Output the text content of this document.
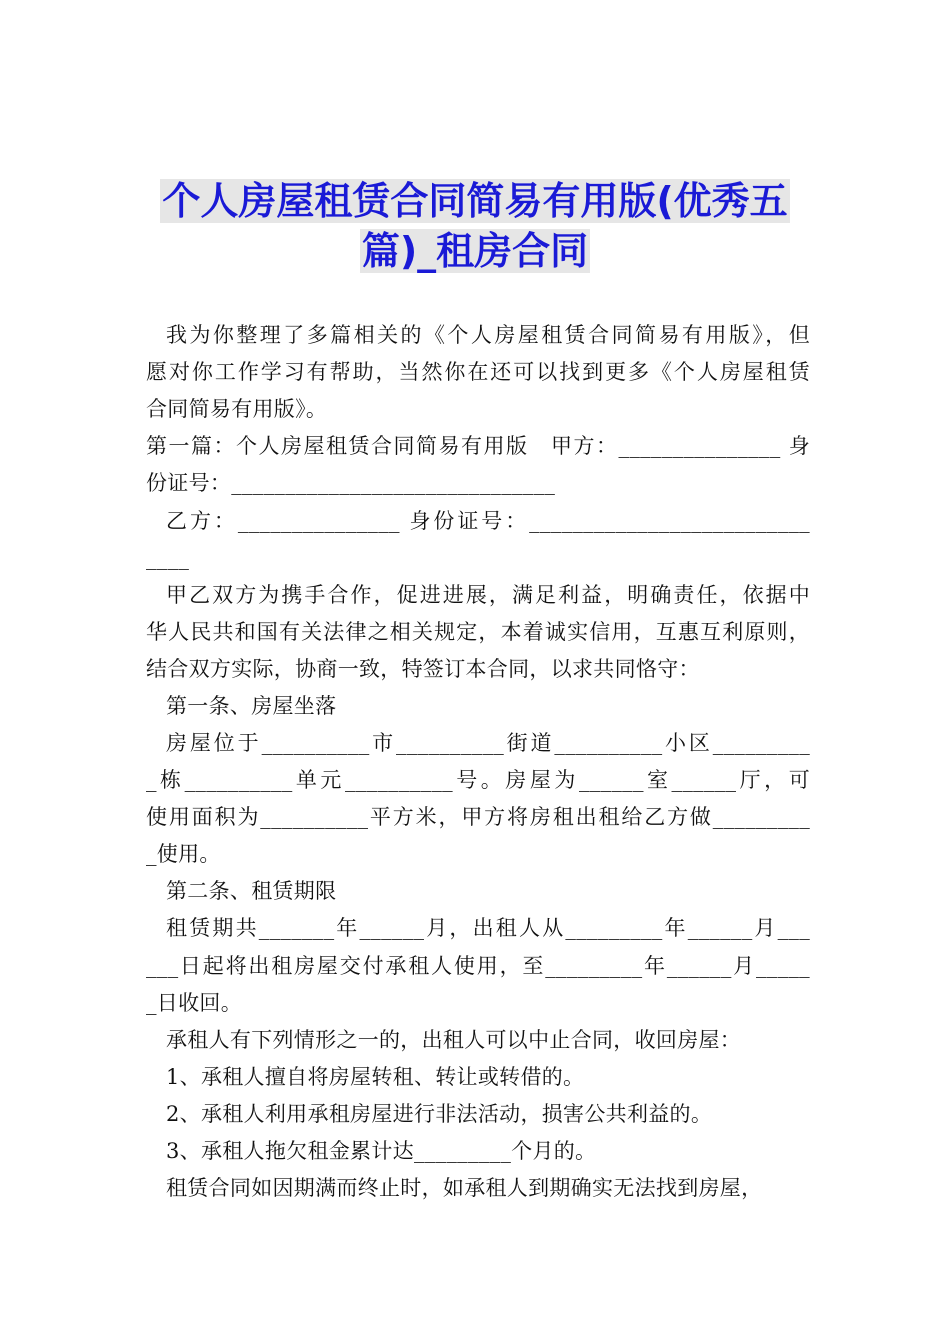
个人房屋租赁合同简易有用版(优秀五
篇)_租房合同
我为你整理了多篇相关的《个人房屋租赁合同简易有用版》，但
愿对你工作学习有帮助，当然你在还可以找到更多《个人房屋租赁
合同简易有用版》。
第一篇：个人房屋租赁合同简易有用版　甲方：_______________ 身
份证号：______________________________
乙方：_______________ 身份证号：__________________________
____
甲乙双方为携手合作，促进进展，满足利益，明确责任，依据中
华人民共和国有关法律之相关规定，本着诚实信用，互惠互利原则，
结合双方实际，协商一致，特签订本合同，以求共同恪守：
第一条、房屋坐落
房屋位于__________市__________街道__________小区_________
_栋__________单元__________号。房屋为______室______厅，可
使用面积为__________平方米，甲方将房租出租给乙方做_________
_使用。
第二条、租赁期限
租赁期共_______年______月，出租人从_________年______月___
___日起将出租房屋交付承租人使用，至_________年______月_____
_日收回。
承租人有下列情形之一的，出租人可以中止合同，收回房屋：
1、承租人擅自将房屋转租、转让或转借的。
2、承租人利用承租房屋进行非法活动，损害公共利益的。
3、承租人拖欠租金累计达_________个月的。
租赁合同如因期满而终止时，如承租人到期确实无法找到房屋，
